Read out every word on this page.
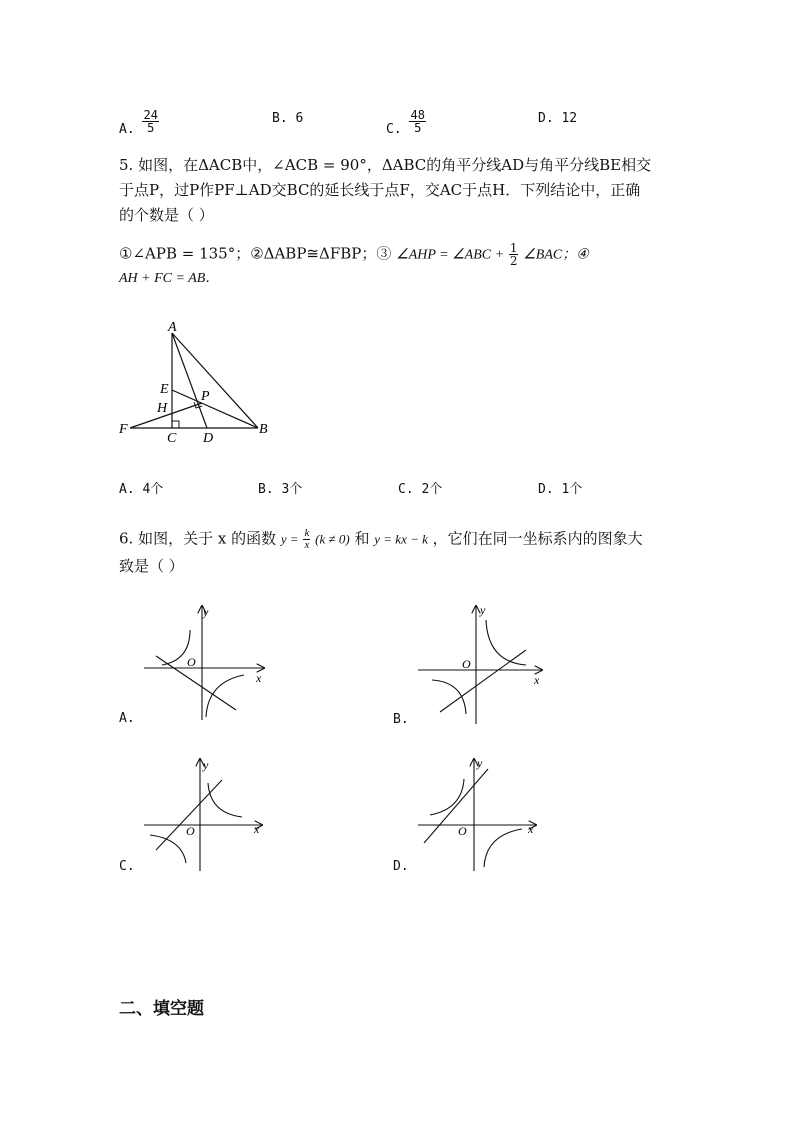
A. $\frac{24}{5}$	B. 6
C. $\frac{48}{5}$	D. 12
5. 如图，在ΔACB中，∠ACB = 90°，ΔABC的角平分线AD与角平分线BE相交
于点P，过P作PF⊥AD交BC的延长线于点F，交AC于点H．下列结论中，正确
的个数是（ ）
①∠APB = 135°；②ΔABP≅ΔFBP；③ ∠AHP = ∠ABC + $\frac{1}{2}$ ∠BAC；④
AH + FC = AB．
A
E P
H
F
C D
B
A. 4个	B. 3个	C. 2个	D. 1个
6. 如图，关于 x 的函数 $y = \frac{k}{x} (k \ne 0)$ 和 y = kx − k ，它们在同一坐标系内的图象大
致是（ ）
y
x
O
A.
y
x
O
B.
y
x
O
C.
y
x
O
D.
二、填空题
